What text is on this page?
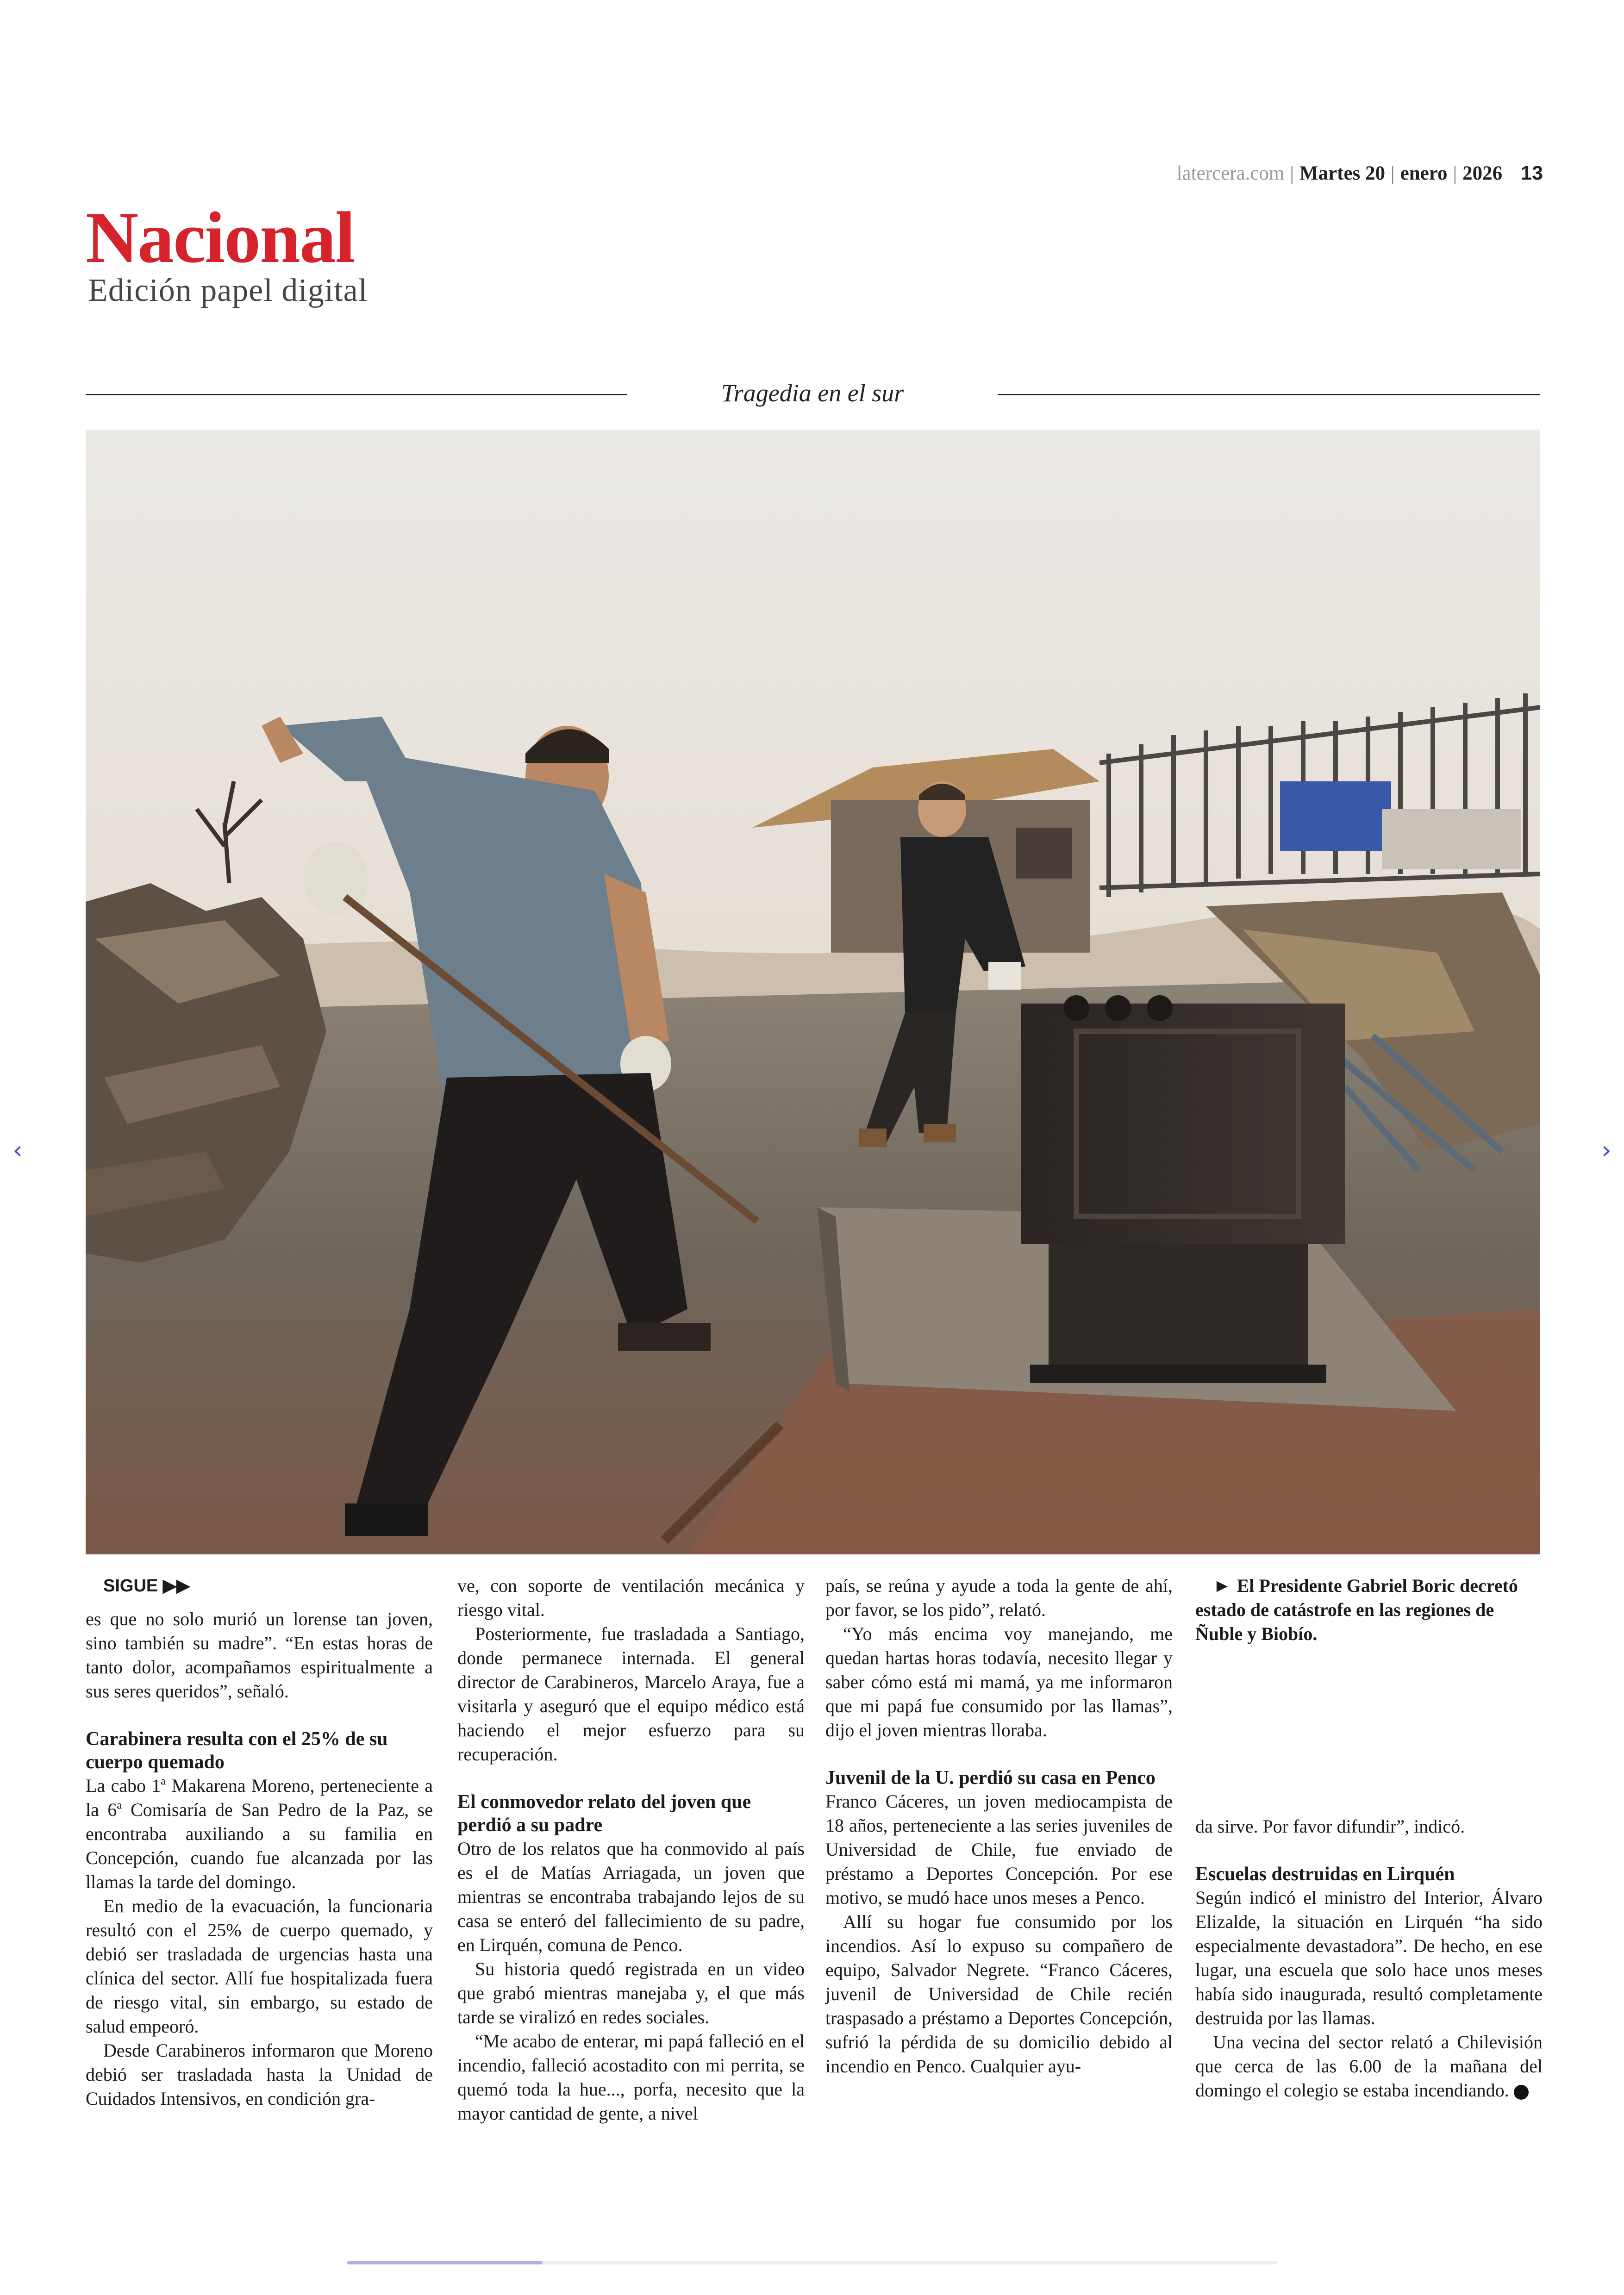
latercera.com | Martes 20 | enero | 2026 13
Nacional
Edición papel digital
Tragedia en el sur
‹	›

SIGUE ▶▶

es que no solo murió un lorense tan joven, sino también su madre”. “En estas horas de tanto dolor, acompañamos espiritualmente a sus seres queridos”, señaló.

Carabinera resulta con el 25% de su cuerpo quemado

La cabo 1ª Makarena Moreno, perteneciente a la 6ª Comisaría de San Pedro de la Paz, se encontraba auxiliando a su familia en Concepción, cuando fue alcanzada por las llamas la tarde del domingo.

En medio de la evacuación, la funcionaria resultó con el 25% de cuerpo quemado, y debió ser trasladada de urgencias hasta una clínica del sector. Allí fue hospitalizada fuera de riesgo vital, sin embargo, su estado de salud empeoró.

Desde Carabineros informaron que Moreno debió ser trasladada hasta la Unidad de Cuidados Intensivos, en condición gra-

ve, con soporte de ventilación mecánica y riesgo vital.

Posteriormente, fue trasladada a Santiago, donde permanece internada. El general director de Carabineros, Marcelo Araya, fue a visitarla y aseguró que el equipo médico está haciendo el mejor esfuerzo para su recuperación.

El conmovedor relato del joven que perdió a su padre

Otro de los relatos que ha conmovido al país es el de Matías Arriagada, un joven que mientras se encontraba trabajando lejos de su casa se enteró del fallecimiento de su padre, en Lirquén, comuna de Penco.

Su historia quedó registrada en un video que grabó mientras manejaba y, el que más tarde se viralizó en redes sociales.

“Me acabo de enterar, mi papá falleció en el incendio, falleció acostadito con mi perrita, se quemó toda la hue..., porfa, necesito que la mayor cantidad de gente, a nivel

país, se reúna y ayude a toda la gente de ahí, por favor, se los pido”, relató.

“Yo más encima voy manejando, me quedan hartas horas todavía, necesito llegar y saber cómo está mi mamá, ya me informaron que mi papá fue consumido por las llamas”, dijo el joven mientras lloraba.

Juvenil de la U. perdió su casa en Penco

Franco Cáceres, un joven mediocampista de 18 años, perteneciente a las series juveniles de Universidad de Chile, fue enviado de préstamo a Deportes Concepción. Por ese motivo, se mudó hace unos meses a Penco.

Allí su hogar fue consumido por los incendios. Así lo expuso su compañero de equipo, Salvador Negrete. “Franco Cáceres, juvenil de Universidad de Chile recién traspasado a préstamo a Deportes Concepción, sufrió la pérdida de su domicilio debido al incendio en Penco. Cualquier ayu-

► El Presidente Gabriel Boric decretó estado de catástrofe en las regiones de Ñuble y Biobío.

da sirve. Por favor difundir”, indicó.

Escuelas destruidas en Lirquén

Según indicó el ministro del Interior, Álvaro Elizalde, la situación en Lirquén “ha sido especialmente devastadora”. De hecho, en ese lugar, una escuela que solo hace unos meses había sido inaugurada, resultó completamente destruida por las llamas.

Una vecina del sector relató a Chilevisión que cerca de las 6.00 de la mañana del domingo el colegio se estaba incendiando.
